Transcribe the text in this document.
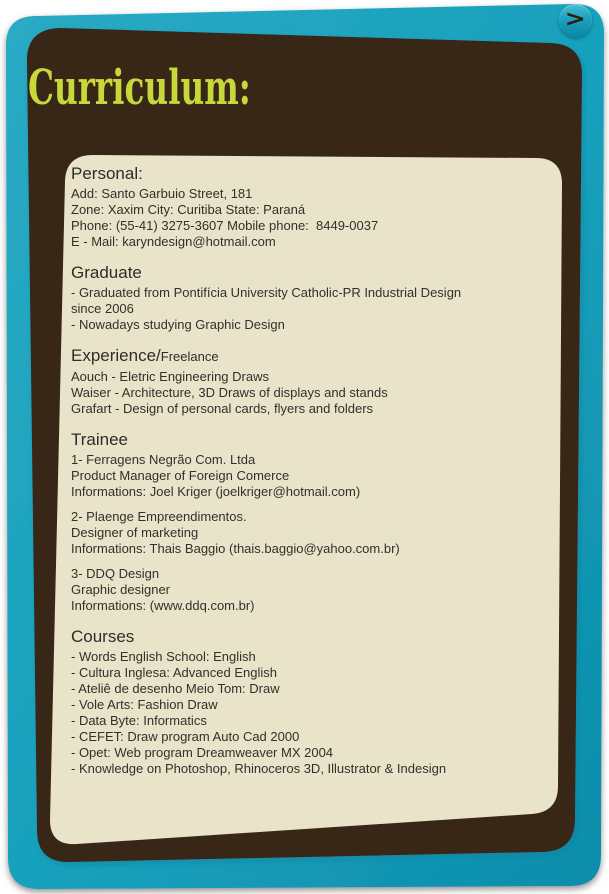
Curriculum:
>
Personal:
Add: Santo Garbuio Street, 181
Zone: Xaxim City: Curitiba State: Paraná
Phone: (55-41) 3275-3607 Mobile phone:  8449-0037
E - Mail: karyndesign@hotmail.com
Graduate
- Graduated from Pontifícia University Catholic-PR Industrial Design
since 2006
- Nowadays studying Graphic Design
Experience/Freelance
Aouch - Eletric Engineering Draws
Waiser - Architecture, 3D Draws of displays and stands
Grafart - Design of personal cards, flyers and folders
Trainee
1- Ferragens Negrão Com. Ltda
Product Manager of Foreign Comerce
Informations: Joel Kriger (joelkriger@hotmail.com)
2- Plaenge Empreendimentos.
Designer of marketing
Informations: Thais Baggio (thais.baggio@yahoo.com.br)
3- DDQ Design
Graphic designer
Informations: (www.ddq.com.br)
Courses
- Words English School: English
- Cultura Inglesa: Advanced English
- Ateliê de desenho Meio Tom: Draw
- Vole Arts: Fashion Draw
- Data Byte: Informatics
- CEFET: Draw program Auto Cad 2000
- Opet: Web program Dreamweaver MX 2004
- Knowledge on Photoshop, Rhinoceros 3D, Illustrator & Indesign
